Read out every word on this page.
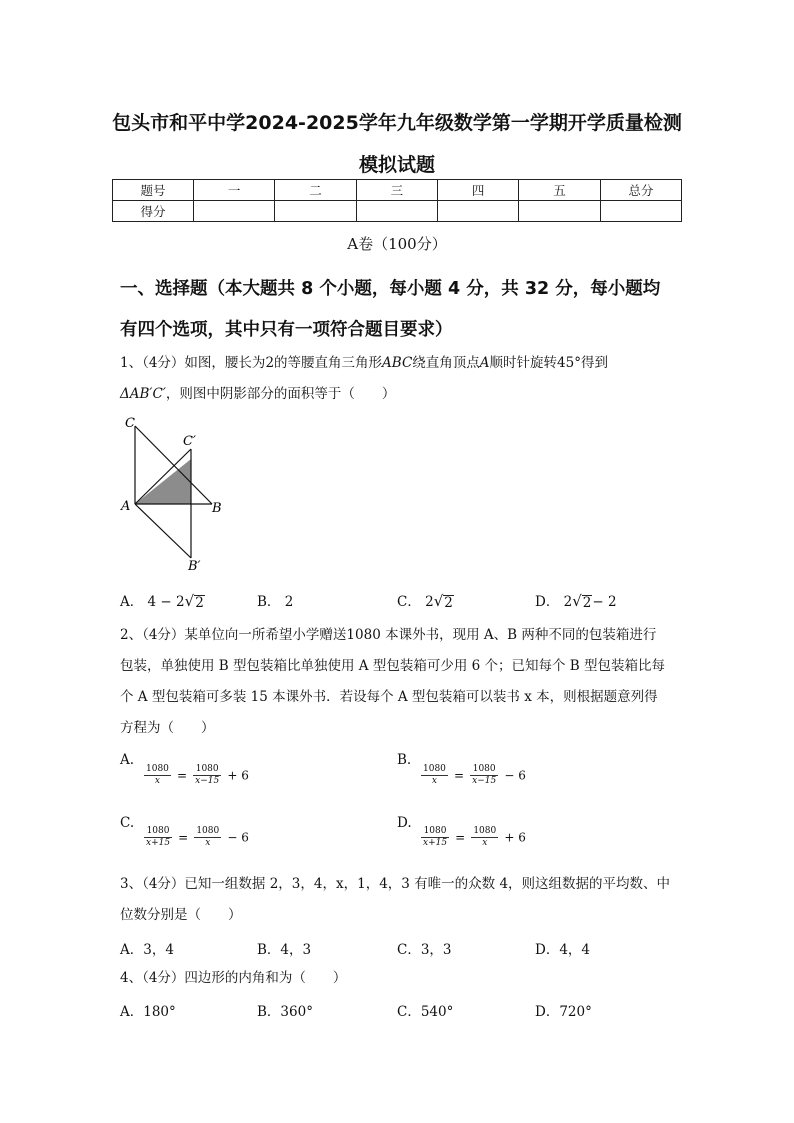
包头市和平中学2024-2025学年九年级数学第一学期开学质量检测
模拟试题
题号	一	二	三	四	五	总分
得分						
A卷（100分）
一、选择题（本大题共 8 个小题，每小题 4 分，共 32 分，每小题均
有四个选项，其中只有一项符合题目要求）
1、（4分）如图，腰长为2的等腰直角三角形ABC绕直角顶点A顺时针旋转45°得到
ΔAB′C′，则图中阴影部分的面积等于（　　）
C
C′
A	B
B′
A． 4 − 2 √ 2	B． 2	C． 2 √ 2	D． 2 √ 2 − 2
2、（4分）某单位向一所希望小学赠送1080 本课外书，现用 A、B 两种不同的包装箱进行
包装，单独使用 B 型包装箱比单独使用 A 型包装箱可少用 6 个；已知每个 B 型包装箱比每
个 A 型包装箱可多装 15 本课外书．若设每个 A 型包装箱可以装书 x 本，则根据题意列得
方程为（　　）
A.
$\frac{1080}{x} = \frac{1080}{x-15} + 6$
B.
$\frac{1080}{x} = \frac{1080}{x-15} - 6$
C.
$\frac{1080}{x+15} = \frac{1080}{x} - 6$
D.
$\frac{1080}{x+15} = \frac{1080}{x} + 6$
3、（4分）已知一组数据 2，3，4，x，1，4，3 有唯一的众数 4，则这组数据的平均数、中
位数分别是（　　）
A．3，4	B．4，3	C．3，3	D．4，4
4、（4分）四边形的内角和为（　　）
A．180°	B．360°	C．540°	D．720°
